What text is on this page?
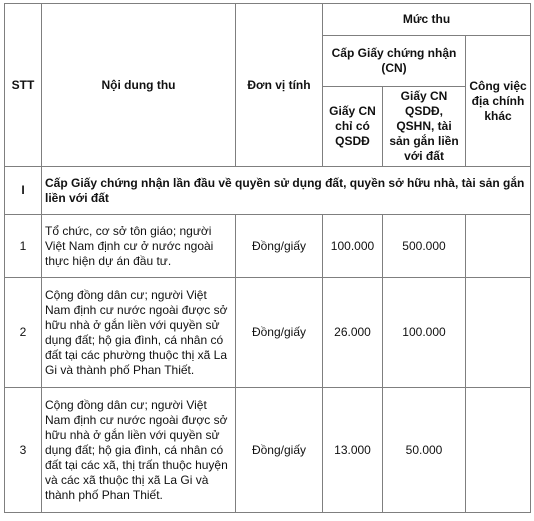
STT	Nội dung thu	Đơn vị tính	Mức thu		
			Cấp Giấy chứng nhận (CN)		Công việc địa chính khác
			Giấy CN chỉ có QSDĐ	Giấy CN QSDĐ, QSHN, tài sản gắn liền với đất	
I	Cấp Giấy chứng nhận lần đầu về quyền sử dụng đất, quyền sở hữu nhà, tài sản gắn liền với đất				
1	Tổ chức, cơ sở tôn giáo; người Việt Nam định cư ở nước ngoài thực hiện dự án đầu tư.	Đồng/giấy	100.000	500.000	
2	Cộng đồng dân cư; người Việt Nam định cư nước ngoài được sở hữu nhà ở gắn liền với quyền sử dụng đất; hộ gia đình, cá nhân có đất tại các phường thuộc thị xã La Gi và thành phố Phan Thiết.	Đồng/giấy	26.000	100.000	
3	Cộng đồng dân cư; người Việt Nam định cư nước ngoài được sở hữu nhà ở gắn liền với quyền sử dụng đất; hộ gia đình, cá nhân có đất tại các xã, thị trấn thuộc huyện và các xã thuộc thị xã La Gi và thành phố Phan Thiết.	Đồng/giấy	13.000	50.000	
